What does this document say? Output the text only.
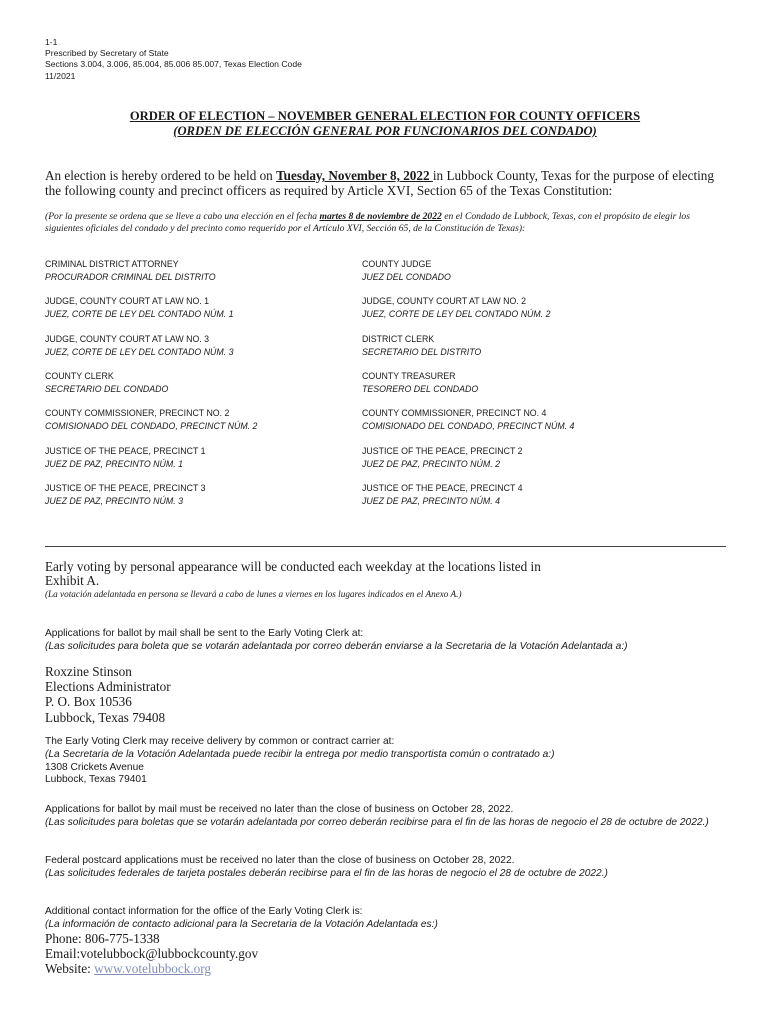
1-1
Prescribed by Secretary of State
Sections 3.004, 3.006, 85.004, 85.006 85.007, Texas Election Code
11/2021
ORDER OF ELECTION – NOVEMBER GENERAL ELECTION FOR COUNTY OFFICERS
(ORDEN DE ELECCIÓN GENERAL POR FUNCIONARIOS DEL CONDADO)
An election is hereby ordered to be held on Tuesday, November 8, 2022 in Lubbock County, Texas for the purpose of electing the following county and precinct officers as required by Article XVI, Section 65 of the Texas Constitution:
(Por la presente se ordena que se lleve a cabo una elección en el fecha martes 8 de noviembre de 2022 en el Condado de Lubbock, Texas, con el propósito de elegir los siguientes oficiales del condado y del precinto como requerido por el Artículo XVI, Sección 65, de la Constitución de Texas):
CRIMINAL DISTRICT ATTORNEY
PROCURADOR CRIMINAL DEL DISTRITO
COUNTY JUDGE
JUEZ DEL CONDADO
JUDGE, COUNTY COURT AT LAW NO. 1
JUEZ, CORTE DE LEY DEL CONTADO NÚM. 1
JUDGE, COUNTY COURT AT LAW NO. 2
JUEZ, CORTE DE LEY DEL CONTADO NÚM. 2
JUDGE, COUNTY COURT AT LAW NO. 3
JUEZ, CORTE DE LEY DEL CONTADO NÚM. 3
DISTRICT CLERK
SECRETARIO DEL DISTRITO
COUNTY CLERK
SECRETARIO DEL CONDADO
COUNTY TREASURER
TESORERO DEL CONDADO
COUNTY COMMISSIONER, PRECINCT NO. 2
COMISIONADO DEL CONDADO, PRECINCT NÚM. 2
COUNTY COMMISSIONER, PRECINCT NO. 4
COMISIONADO DEL CONDADO, PRECINCT NÚM. 4
JUSTICE OF THE PEACE, PRECINCT 1
JUEZ DE PAZ, PRECINTO NÚM. 1
JUSTICE OF THE PEACE, PRECINCT 2
JUEZ DE PAZ, PRECINTO NÚM. 2
JUSTICE OF THE PEACE, PRECINCT 3
JUEZ DE PAZ, PRECINTO NÚM. 3
JUSTICE OF THE PEACE, PRECINCT 4
JUEZ DE PAZ, PRECINTO NÚM. 4
Early voting by personal appearance will be conducted each weekday at the locations listed in
Exhibit A.
(La votación adelantada en persona se llevará a cabo de lunes a viernes en los lugares indicados en el Anexo A.)
Applications for ballot by mail shall be sent to the Early Voting Clerk at:
(Las solicitudes para boleta que se votarán adelantada por correo deberán enviarse a la Secretaria de la Votación Adelantada a:)
Roxzine Stinson
Elections Administrator
P. O. Box 10536
Lubbock, Texas 79408
The Early Voting Clerk may receive delivery by common or contract carrier at:
(La Secretaria de la Votación Adelantada puede recibir la entrega por medio transportista común o contratado a:)
1308 Crickets Avenue
Lubbock, Texas 79401
Applications for ballot by mail must be received no later than the close of business on October 28, 2022.
(Las solicitudes para boletas que se votarán adelantada por correo deberán recibirse para el fin de las horas de negocio el 28 de octubre de 2022.)
Federal postcard applications must be received no later than the close of business on October 28, 2022.
(Las solicitudes federales de tarjeta postales deberán recibirse para el fin de las horas de negocio el 28 de octubre de 2022.)
Additional contact information for the office of the Early Voting Clerk is:
(La información de contacto adicional para la Secretaria de la Votación Adelantada es:)
Phone: 806-775-1338
Email:votelubbock@lubbockcounty.gov
Website: www.votelubbock.org
